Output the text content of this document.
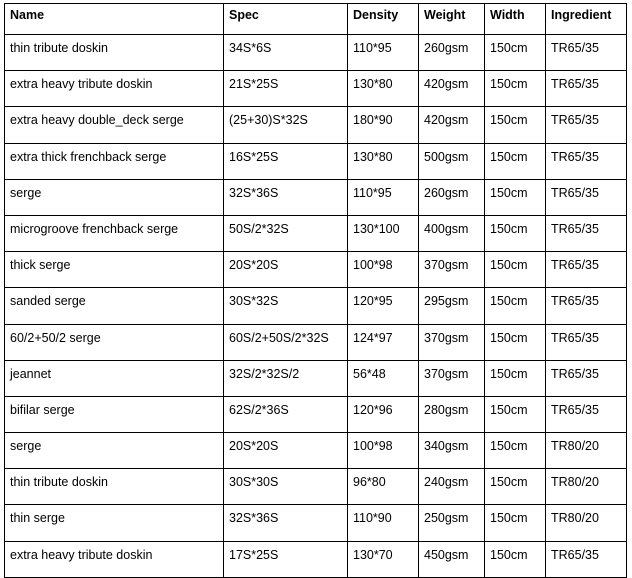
Name	Spec	Density	Weight	Width	Ingredient
thin tribute doskin	34S*6S	110*95	260gsm	150cm	TR65/35
extra heavy tribute doskin	21S*25S	130*80	420gsm	150cm	TR65/35
extra heavy double_deck serge	(25+30)S*32S	180*90	420gsm	150cm	TR65/35
extra thick frenchback serge	16S*25S	130*80	500gsm	150cm	TR65/35
serge	32S*36S	110*95	260gsm	150cm	TR65/35
microgroove frenchback serge	50S/2*32S	130*100	400gsm	150cm	TR65/35
thick serge	20S*20S	100*98	370gsm	150cm	TR65/35
sanded serge	30S*32S	120*95	295gsm	150cm	TR65/35
60/2+50/2 serge	60S/2+50S/2*32S	124*97	370gsm	150cm	TR65/35
jeannet	32S/2*32S/2	56*48	370gsm	150cm	TR65/35
bifilar serge	62S/2*36S	120*96	280gsm	150cm	TR65/35
serge	20S*20S	100*98	340gsm	150cm	TR80/20
thin tribute doskin	30S*30S	96*80	240gsm	150cm	TR80/20
thin serge	32S*36S	110*90	250gsm	150cm	TR80/20
extra heavy tribute doskin	17S*25S	130*70	450gsm	150cm	TR65/35
